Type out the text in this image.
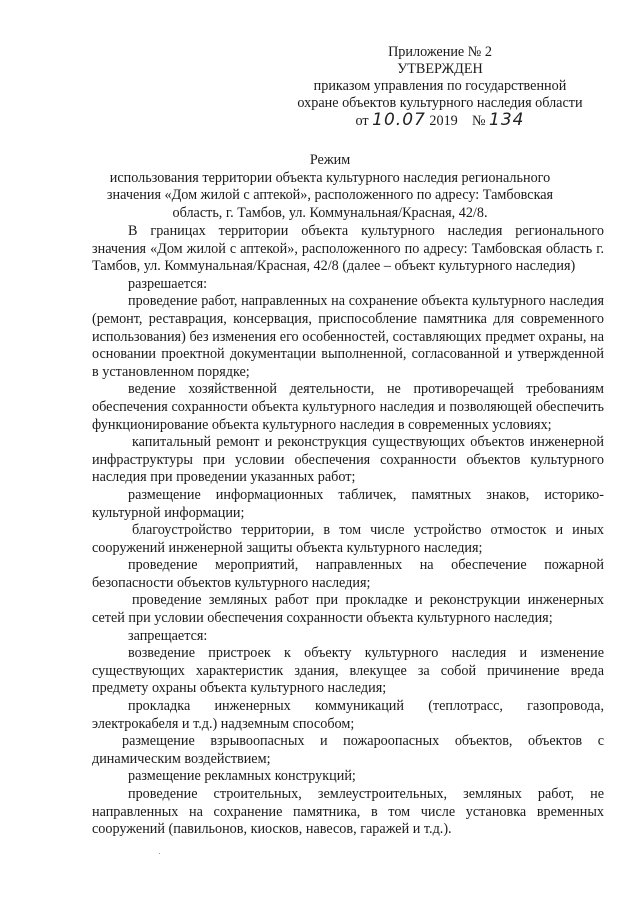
Приложение № 2
УТВЕРЖДЕН
приказом управления по государственной
охране объектов культурного наследия области
от 10.07 2019 № 134
Режим
использования территории объекта культурного наследия регионального
значения «Дом жилой с аптекой», расположенного по адресу: Тамбовская
область, г. Тамбов, ул. Коммунальная/Красная, 42/8.

В границах территории объекта культурного наследия регионального значения «Дом жилой с аптекой», расположенного по адресу: Тамбовская область г. Тамбов, ул. Коммунальная/Красная, 42/8 (далее – объект культурного наследия)

разрешается:

проведение работ, направленных на сохранение объекта культурного наследия (ремонт, реставрация, консервация, приспособление памятника для современного использования) без изменения его особенностей, составляющих предмет охраны, на основании проектной документации выполненной, согласованной и утвержденной в установленном порядке;

ведение хозяйственной деятельности, не противоречащей требованиям обеспечения сохранности объекта культурного наследия и позволяющей обеспечить функционирование объекта культурного наследия в современных условиях;

капитальный ремонт и реконструкция существующих объектов инженерной инфраструктуры при условии обеспечения сохранности объектов культурного наследия при проведении указанных работ;

размещение информационных табличек, памятных знаков, историко-культурной информации;

благоустройство территории, в том числе устройство отмосток и иных сооружений инженерной защиты объекта культурного наследия;

проведение мероприятий, направленных на обеспечение пожарной безопасности объектов культурного наследия;

проведение земляных работ при прокладке и реконструкции инженерных сетей при условии обеспечения сохранности объекта культурного наследия;

запрещается:

возведение пристроек к объекту культурного наследия и изменение существующих характеристик здания, влекущее за собой причинение вреда предмету охраны объекта культурного наследия;

прокладка инженерных коммуникаций (теплотрасс, газопровода, электрокабеля и т.д.) надземным способом;

размещение взрывоопасных и пожароопасных объектов, объектов с динамическим воздействием;

размещение рекламных конструкций;

проведение строительных, землеустроительных, земляных работ, не направленных на сохранение памятника, в том числе установка временных сооружений (павильонов, киосков, навесов, гаражей и т.д.).
